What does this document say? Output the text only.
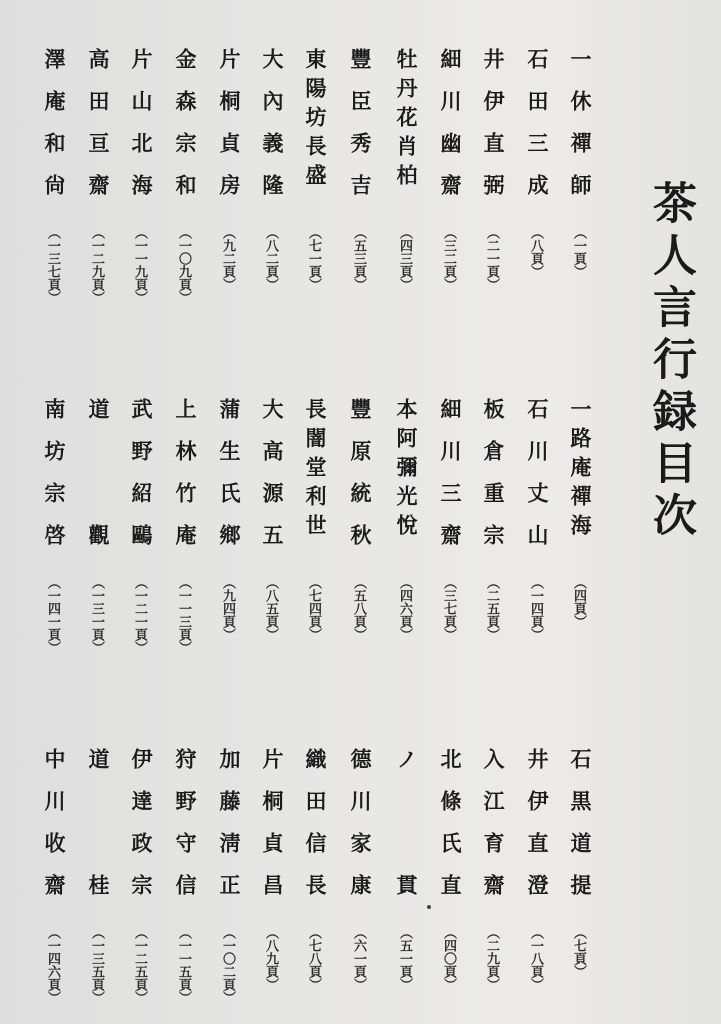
茶人言行録目次
一休禪師
（一頁）
石田三成
（八頁）
井伊直弼
（二一頁）
細川幽齋
（三二頁）
牡丹花肖柏
（四三頁）
豐臣秀吉
（五三頁）
東陽坊長盛
（七一頁）
大內義隆
（八二頁）
片桐貞房
（九二頁）
金森宗和
（一〇九頁）
片山北海
（一一九頁）
高田亘齋
（一二九頁）
澤庵和尙
（一三七頁）
一路庵禪海
（四頁）
石川丈山
（一四頁）
板倉重宗
（二五頁）
細川三齋
（三七頁）
本阿彌光悅
（四六頁）
豐原統秋
（五八頁）
長闇堂利世
（七四頁）
大高源五
（八五頁）
蒲生氏鄉
（九四頁）
上林竹庵
（一一三頁）
武野紹鷗
（一二一頁）
道　　觀
（一三一頁）
南坊宗啓
（一四一頁）
石黒道提
（七頁）
井伊直澄
（一八頁）
入江育齋
（二九頁）
北條氏直
（四〇頁）
ノ　　貫
（五一頁）
德川家康
（六一頁）
織田信長
（七八頁）
片桐貞昌
（八九頁）
加藤淸正
（一〇二頁）
狩野守信
（一一五頁）
伊達政宗
（一二五頁）
道　　桂
（一三五頁）
中川收齋
（一四六頁）
